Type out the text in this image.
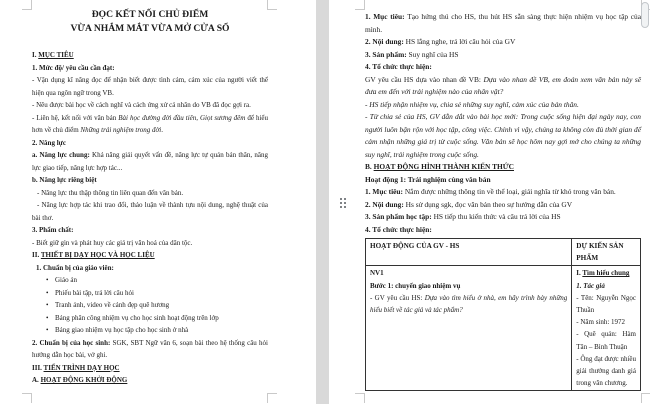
ĐỌC KẾT NỐI CHỦ ĐIỂM
VỪA NHẮM MẮT VỪA MỞ CỬA SỔ
I. MỤC TIÊU
1. Mức độ/ yêu cầu cần đạt:
- Vận dụng kĩ năng đọc để nhận biết được tình cảm, cảm xúc của người viết thể hiện qua ngôn ngữ trong VB.
- Nêu được bài học về cách nghĩ và cách ứng xử cá nhân do VB đã đọc gợi ra.
- Liên hệ, kết nối với văn bản Bài học đường đời đầu tiên, Giọt sương đêm để hiểu hơn về chủ điểm Những trải nghiệm trong đời.
2. Năng lực
a. Năng lực chung: Khả năng giải quyết vấn đề, năng lực tự quản bản thân, năng lực giao tiếp, năng lực hợp tác...
b. Năng lực riêng biệt
- Năng lực thu thập thông tin liên quan đến văn bản.
- Năng lực hợp tác khi trao đổi, thảo luận về thành tựu nội dung, nghệ thuật của bài thơ.
3. Phẩm chất:
- Biết giữ gìn và phát huy các giá trị văn hoá của dân tộc.
II. THIẾT BỊ DẠY HỌC VÀ HỌC LIỆU
1. Chuẩn bị của giáo viên:
• Giáo án
• Phiếu bài tập, trả lời câu hỏi
• Tranh ảnh, video về cảnh đẹp quê hương
• Bảng phân công nhiệm vụ cho học sinh hoạt động trên lớp
• Bảng giao nhiệm vụ học tập cho học sinh ở nhà
2. Chuẩn bị của học sinh: SGK, SBT Ngữ văn 6, soạn bài theo hệ thống câu hỏi hướng dẫn học bài, vở ghi.
III. TIẾN TRÌNH DẠY HỌC
A. HOẠT ĐỘNG KHỞI ĐỘNG
1. Mục tiêu: Tạo hứng thú cho HS, thu hút HS sẵn sàng thực hiện nhiệm vụ học tập của mình.
2. Nội dung: HS lắng nghe, trả lời câu hỏi của GV
3. Sản phẩm: Suy nghĩ của HS
4. Tổ chức thực hiện:
GV yêu cầu HS dựa vào nhan đề VB: Dựa vào nhan đề VB, em đoán xem văn bản này sẽ đưa em đến với trải nghiệm nào của nhân vật?
- HS tiếp nhận nhiệm vụ, chia sẻ những suy nghĩ, cảm xúc của bản thân.
- Từ chia sẻ của HS, GV dẫn dắt vào bài học mới: Trong cuộc sống hiện đại ngày nay, con người luôn bận rộn với học tập, công việc. Chính vì vậy, chúng ta không còn đủ thời gian để cảm nhận những giá trị từ cuộc sống. Văn bản sẽ học hôm nay gợi mở cho chúng ta những suy nghĩ, trải nghiệm trong cuộc sống.
B. HOẠT ĐỘNG HÌNH THÀNH KIẾN THỨC
Hoạt động 1: Trải nghiệm cùng văn bản
1. Mục tiêu: Nắm được những thông tin về thể loại, giải nghĩa từ khó trong văn bản.
2. Nội dung: Hs sử dụng sgk, đọc văn bản theo sự hướng dẫn của GV
3. Sản phẩm học tập: HS tiếp thu kiến thức và câu trả lời của HS
4. Tổ chức thực hiện:
HOẠT ĐỘNG CỦA GV - HS	DỰ KIẾN SẢN PHẨM

NV1
Bước 1: chuyển giao nhiệm vụ
- GV yêu cầu HS: Dựa vào tìm hiểu ở nhà, em hãy trình bày những hiểu biết về tác giả và tác phẩm?

I. Tìm hiểu chung
1. Tác giả
- Tên: Nguyễn Ngọc Thuần
- Năm sinh: 1972
- Quê quán: Hàm Tân – Bình Thuận
- Ông đạt được nhiều giải thưởng danh giá trong văn chương.
